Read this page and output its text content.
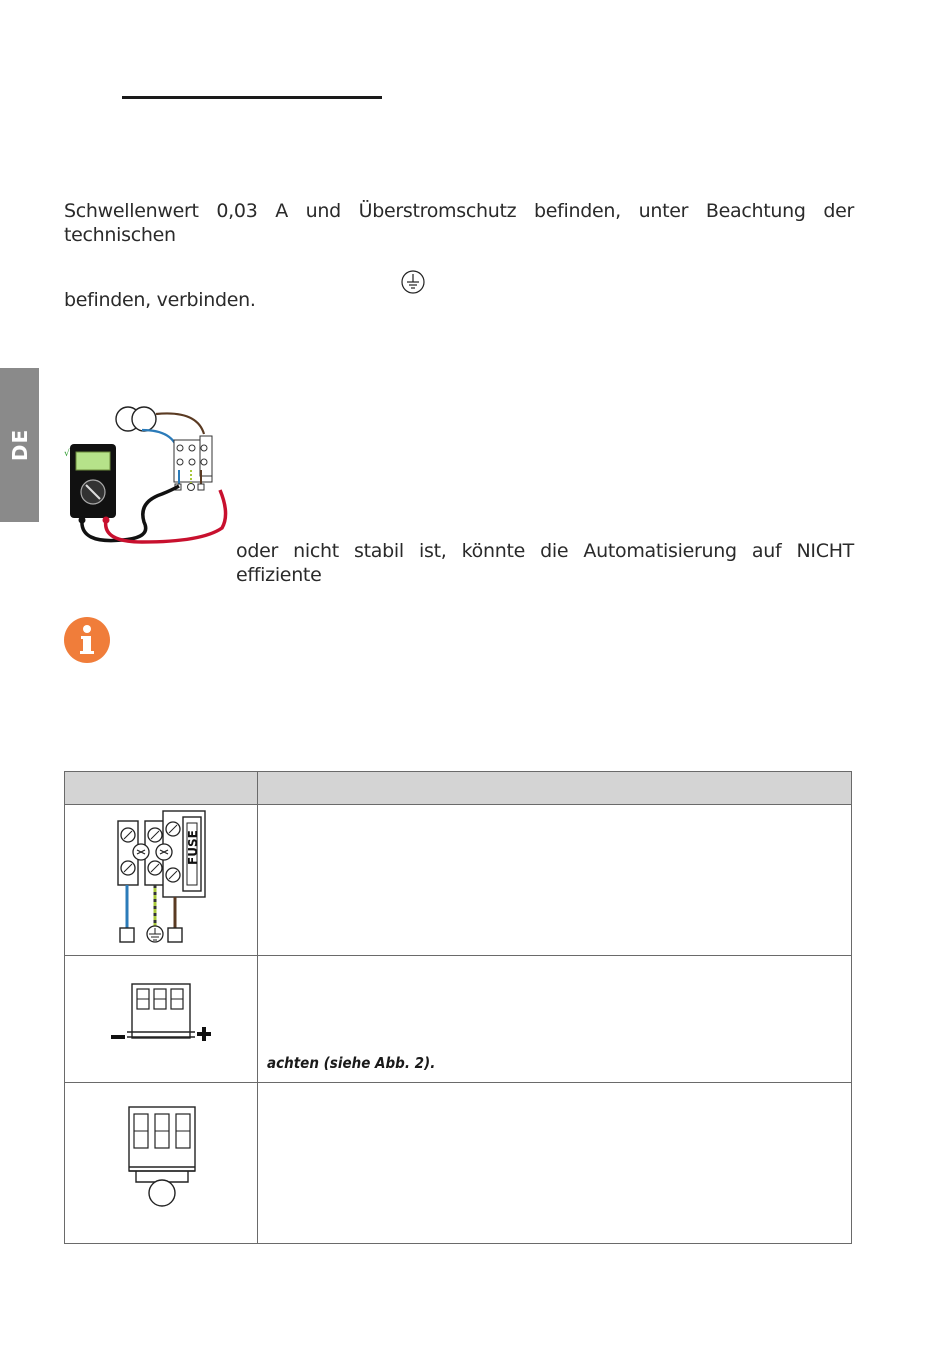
Schwellenwert 0,03 A und Überstromschutz befinden, unter Beachtung der technischen
befinden, verbinden.
DE	√
oder nicht stabil ist, könnte die Automatisierung auf NICHT effiziente

FUSE	

achten (siehe Abb. 2).
